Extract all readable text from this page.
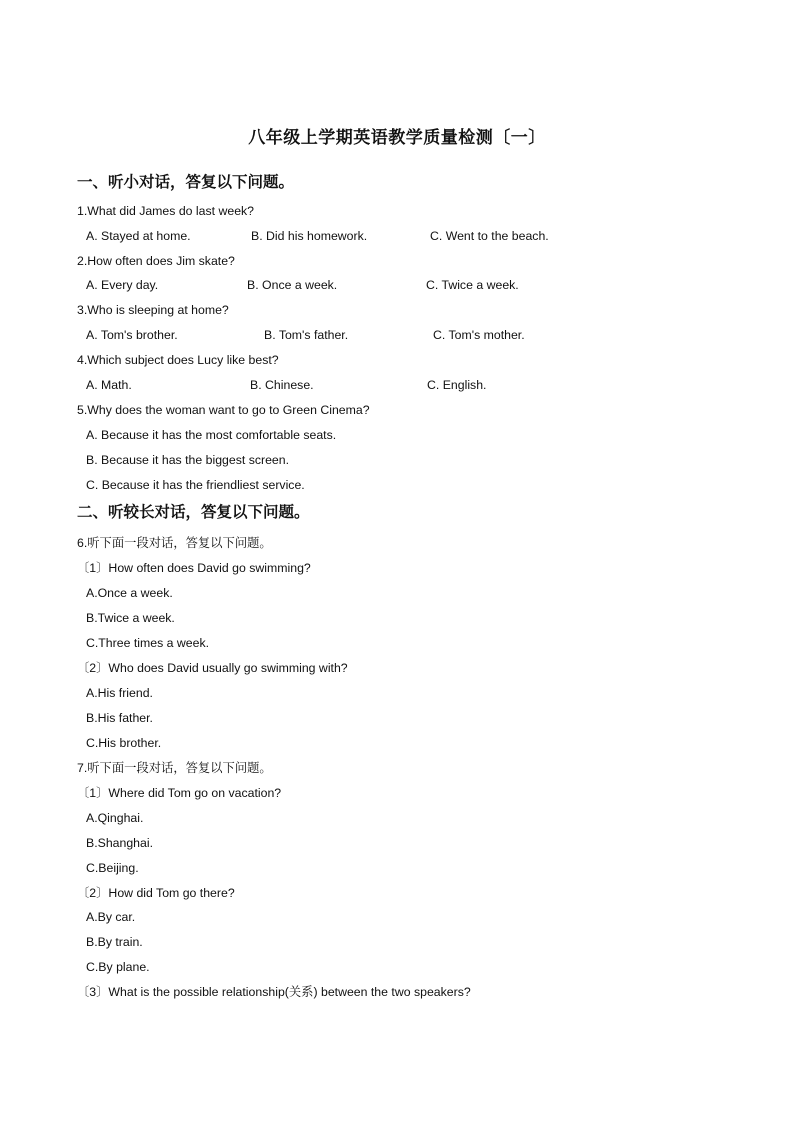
八年级上学期英语教学质量检测〔一〕
一、听小对话，答复以下问题。
1.What did James do last week?
A. Stayed at home.	B. Did his homework.	C. Went to the beach.
2.How often does Jim skate?
A. Every day.	B. Once a week.	C. Twice a week.
3.Who is sleeping at home?
A. Tom's brother.	B. Tom's father.	C. Tom's mother.
4.Which subject does Lucy like best?
A. Math.	B. Chinese.	C. English.
5.Why does the woman want to go to Green Cinema?
A. Because it has the most comfortable seats.
B. Because it has the biggest screen.
C. Because it has the friendliest service.
二、听较长对话，答复以下问题。
6.听下面一段对话，答复以下问题。
〔1〕How often does David go swimming?
A.Once a week.
B.Twice a week.
C.Three times a week.
〔2〕Who does David usually go swimming with?
A.His friend.
B.His father.
C.His brother.
7.听下面一段对话，答复以下问题。
〔1〕Where did Tom go on vacation?
A.Qinghai.
B.Shanghai.
C.Beijing.
〔2〕How did Tom go there?
A.By car.
B.By train.
C.By plane.
〔3〕What is the possible relationship(关系) between the two speakers?
